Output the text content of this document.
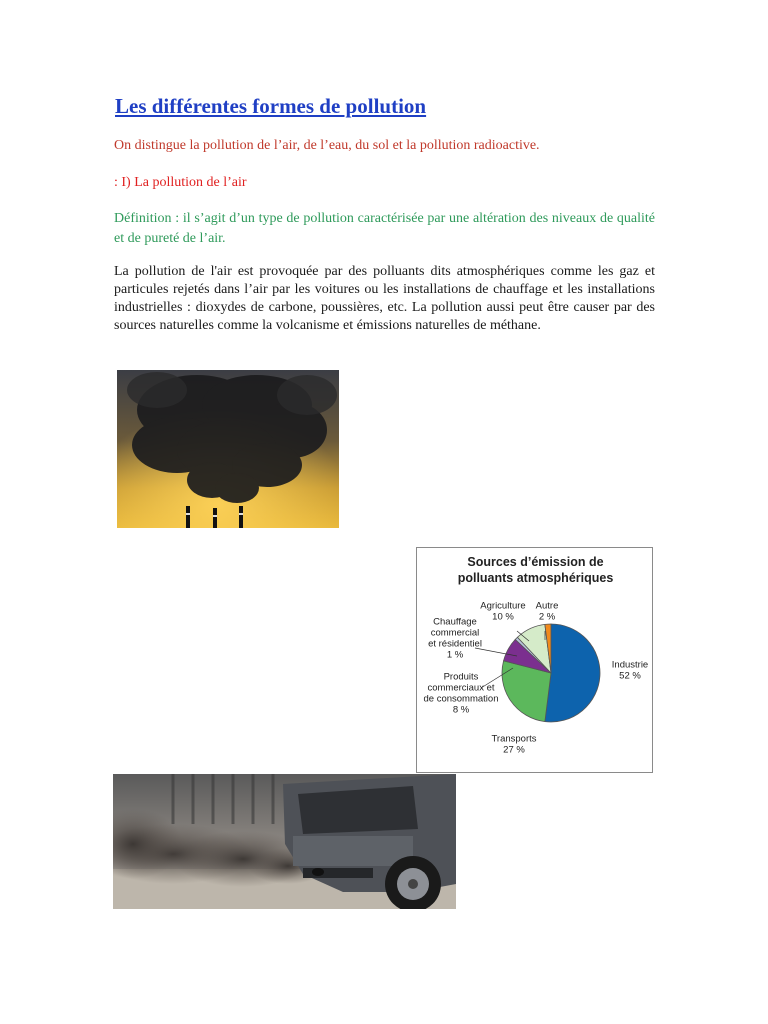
Les différentes formes de pollution
On distingue la pollution de l’air, de l’eau, du sol et la pollution radioactive.
: I) La pollution de l’air
Définition : il s’agit d’un type de pollution caractérisée par une altération des niveaux de qualité et de pureté de l’air.
La pollution de l'air est provoquée par des polluants dits atmosphériques comme les gaz et particules rejetés dans l’air par les voitures ou les installations de chauffage et les installations industrielles : dioxydes de carbone, poussières, etc. La pollution aussi peut être causer par des sources naturelles comme la volcanisme et émissions naturelles de méthane.
Sources d’émission de
polluants atmosphériques
Industrie 52 %
Transports 27 %
Produits commerciaux et de consommation 8 %
Chauffage commercial et résidentiel 1 %
Agriculture 10 %
Autre 2 %
